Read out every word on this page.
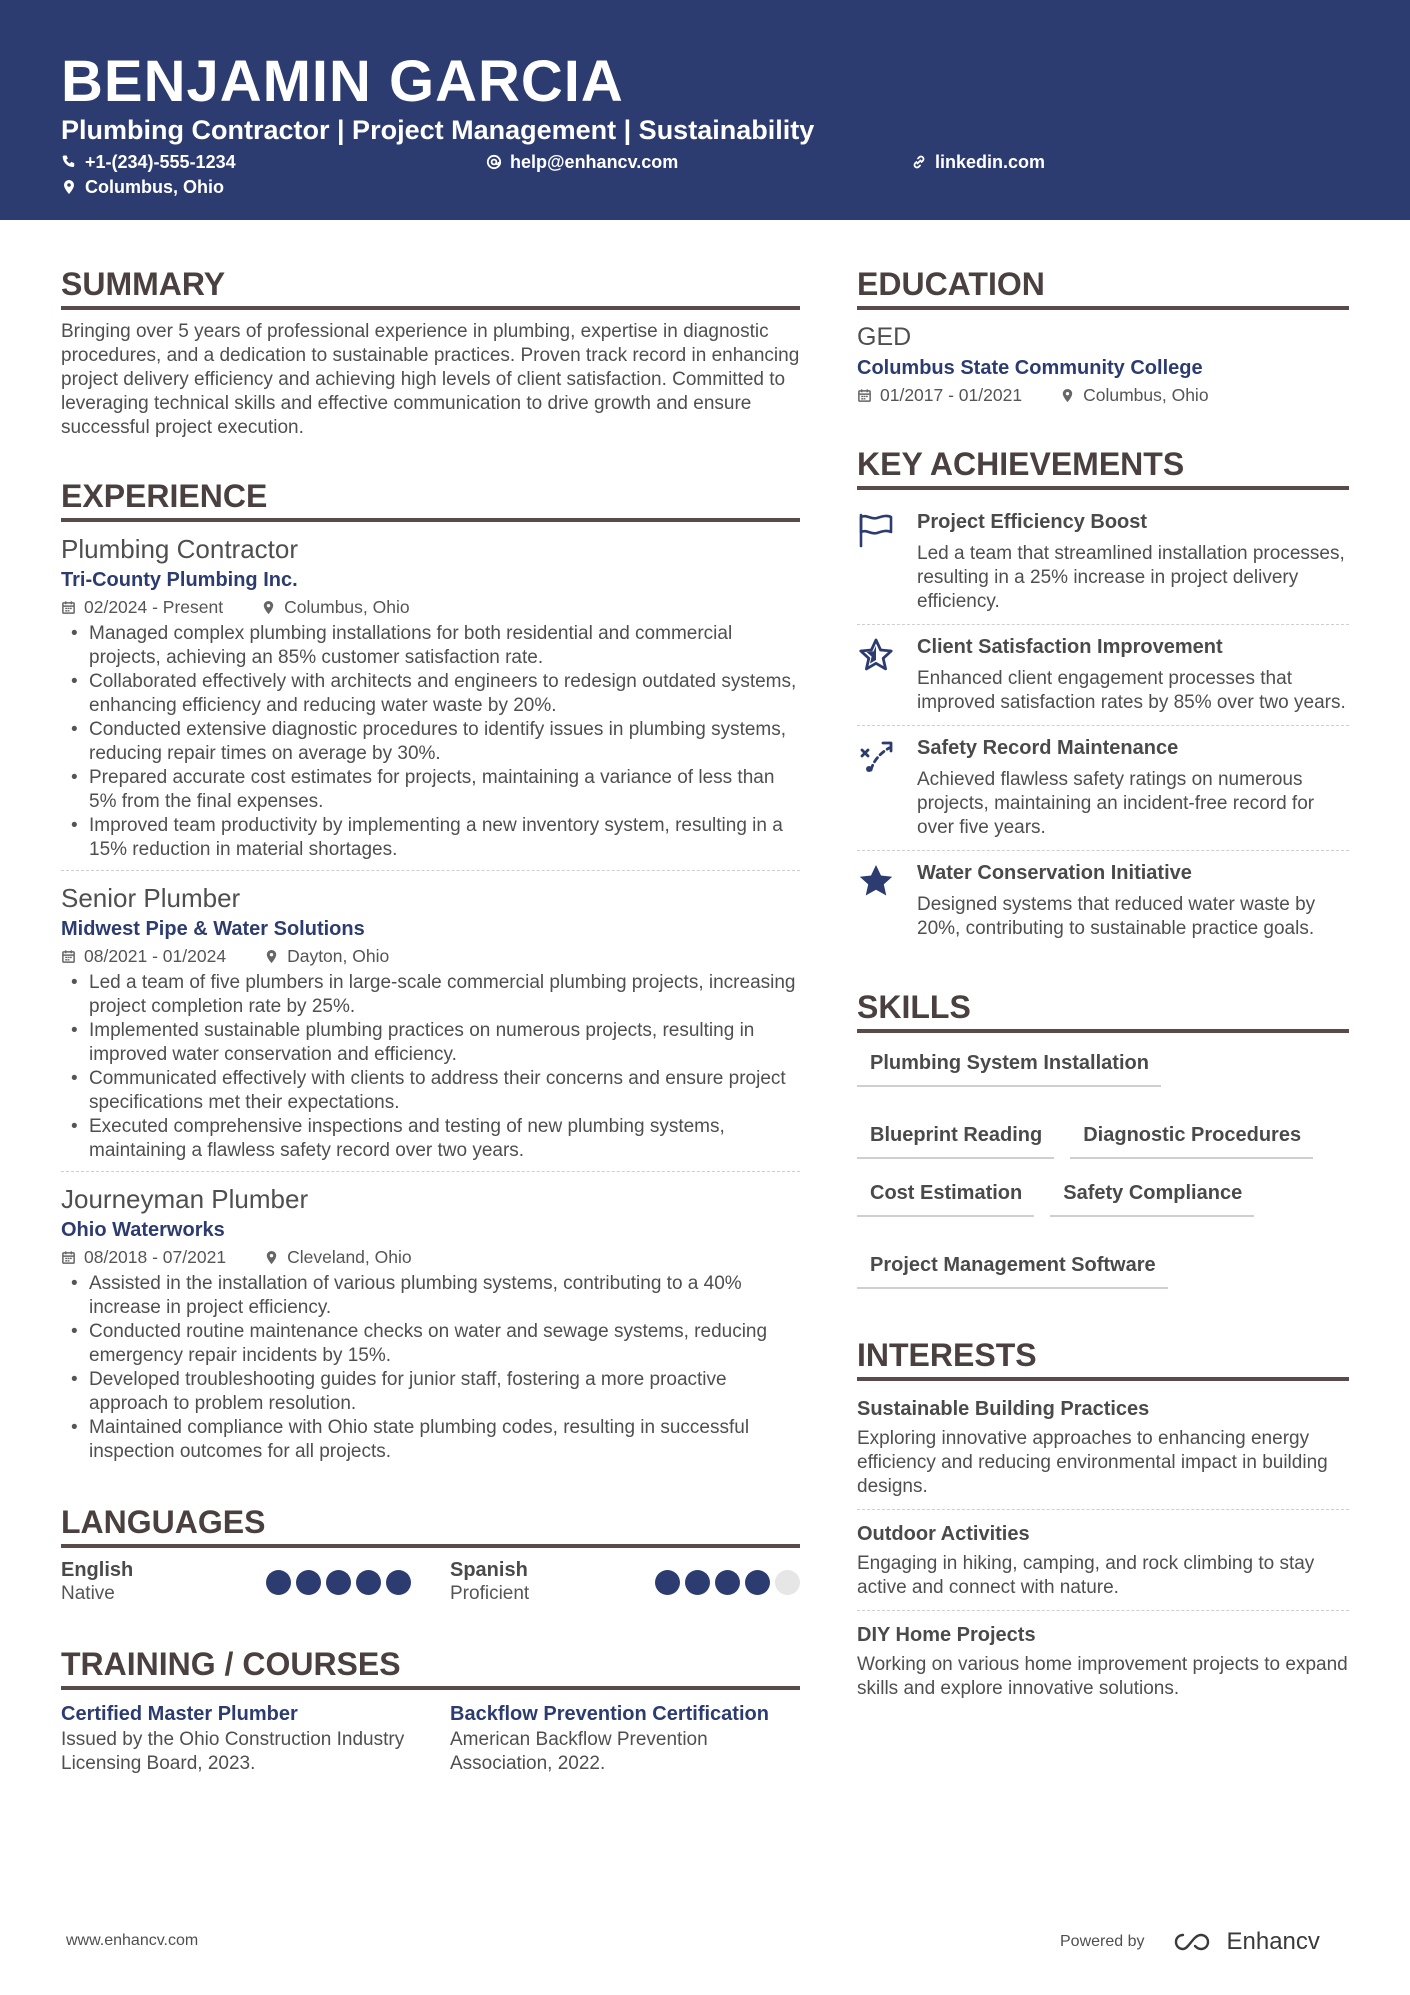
BENJAMIN GARCIA
Plumbing Contractor | Project Management | Sustainability
+1-(234)-555-1234	help@enhancv.com	linkedin.com
Columbus, Ohio
SUMMARY
Bringing over 5 years of professional experience in plumbing, expertise in diagnostic procedures, and a dedication to sustainable practices. Proven track record in enhancing project delivery efficiency and achieving high levels of client satisfaction. Committed to leveraging technical skills and effective communication to drive growth and ensure successful project execution.
EXPERIENCE
Plumbing Contractor
Tri-County Plumbing Inc.
02/2024 - Present	Columbus, Ohio
• Managed complex plumbing installations for both residential and commercial projects, achieving an 85% customer satisfaction rate.
• Collaborated effectively with architects and engineers to redesign outdated systems, enhancing efficiency and reducing water waste by 20%.
• Conducted extensive diagnostic procedures to identify issues in plumbing systems, reducing repair times on average by 30%.
• Prepared accurate cost estimates for projects, maintaining a variance of less than 5% from the final expenses.
• Improved team productivity by implementing a new inventory system, resulting in a 15% reduction in material shortages.
Senior Plumber
Midwest Pipe & Water Solutions
08/2021 - 01/2024	Dayton, Ohio
• Led a team of five plumbers in large-scale commercial plumbing projects, increasing project completion rate by 25%.
• Implemented sustainable plumbing practices on numerous projects, resulting in improved water conservation and efficiency.
• Communicated effectively with clients to address their concerns and ensure project specifications met their expectations.
• Executed comprehensive inspections and testing of new plumbing systems, maintaining a flawless safety record over two years.
Journeyman Plumber
Ohio Waterworks
08/2018 - 07/2021	Cleveland, Ohio
• Assisted in the installation of various plumbing systems, contributing to a 40% increase in project efficiency.
• Conducted routine maintenance checks on water and sewage systems, reducing emergency repair incidents by 15%.
• Developed troubleshooting guides for junior staff, fostering a more proactive approach to problem resolution.
• Maintained compliance with Ohio state plumbing codes, resulting in successful inspection outcomes for all projects.
LANGUAGES
English
Native
Spanish
Proficient
TRAINING / COURSES
Certified Master Plumber
Issued by the Ohio Construction Industry Licensing Board, 2023.
Backflow Prevention Certification
American Backflow Prevention Association, 2022.
EDUCATION
GED
Columbus State Community College
01/2017 - 01/2021	Columbus, Ohio
KEY ACHIEVEMENTS
Project Efficiency Boost
Led a team that streamlined installation processes, resulting in a 25% increase in project delivery efficiency.
Client Satisfaction Improvement
Enhanced client engagement processes that improved satisfaction rates by 85% over two years.
Safety Record Maintenance
Achieved flawless safety ratings on numerous projects, maintaining an incident-free record for over five years.
Water Conservation Initiative
Designed systems that reduced water waste by 20%, contributing to sustainable practice goals.
SKILLS
Plumbing System Installation
Blueprint Reading	Diagnostic Procedures
Cost Estimation	Safety Compliance
Project Management Software
INTERESTS
Sustainable Building Practices
Exploring innovative approaches to enhancing energy efficiency and reducing environmental impact in building designs.
Outdoor Activities
Engaging in hiking, camping, and rock climbing to stay active and connect with nature.
DIY Home Projects
Working on various home improvement projects to expand skills and explore innovative solutions.
www.enhancv.com	Powered by	Enhancv
